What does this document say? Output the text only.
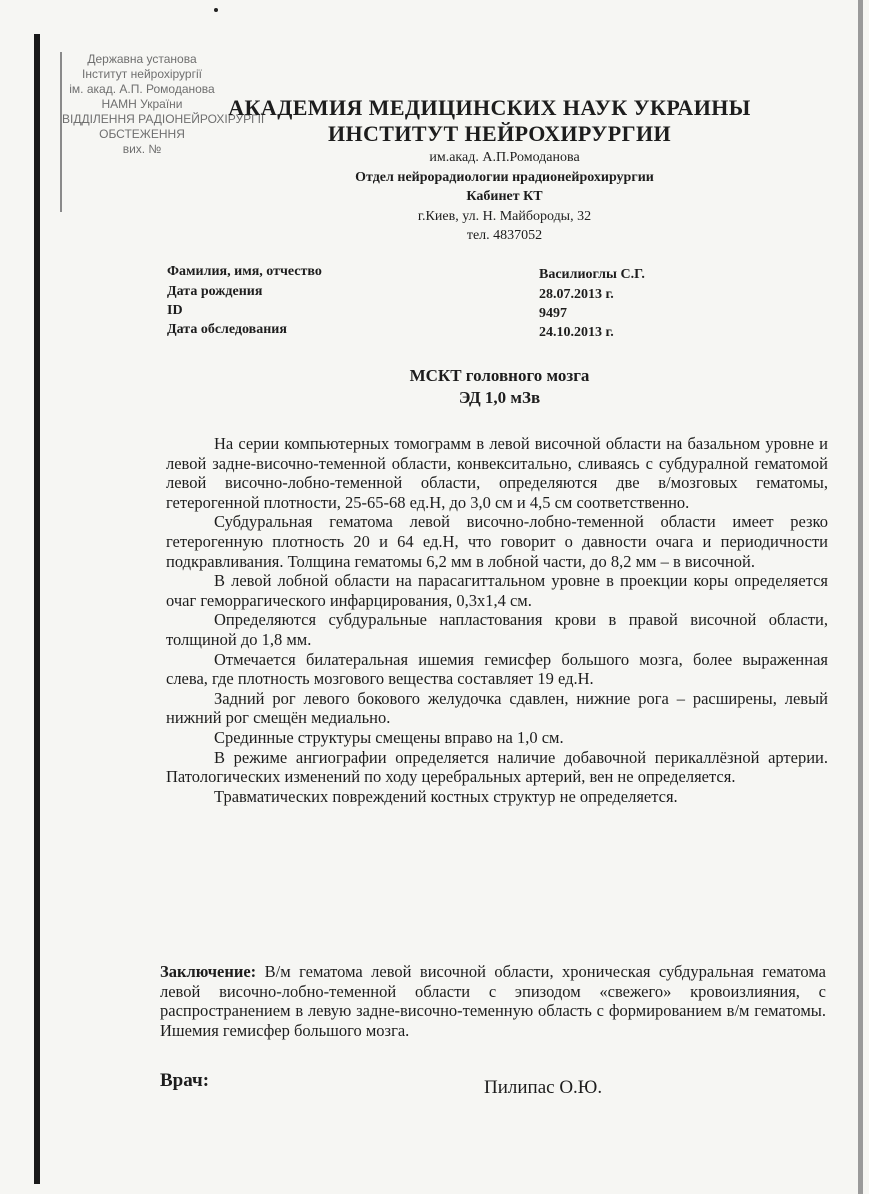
Державна установа
Інститут нейрохірургії
ім. акад. А.П. Ромоданова
НАМН України
ВІДДІЛЕННЯ РАДІОНЕЙРОХІРУРГІЇ
ОБСТЕЖЕННЯ
вих. №
АКАДЕМИЯ МЕДИЦИНСКИХ НАУК УКРАИНЫ
ИНСТИТУТ НЕЙРОХИРУРГИИ
им.акад. А.П.Ромоданова
Отдел нейрорадиологии нрадионейрохирургии
Кабинет КТ
г.Киев, ул. Н. Майбороды, 32
тел. 4837052
Фамилия, имя, отчество	Василиоглы С.Г.
Дата рождения	28.07.2013 г.
ID	9497
Дата обследования	24.10.2013 г.
МСКТ головного мозга
ЭД 1,0 мЗв

На серии компьютерных томограмм в левой височной области на базальном уровне и левой задне-височно-теменной области, конвекситально, сливаясь с субдуралной гематомой левой височно-лобно-теменной области, определяются две в/мозговых гематомы, гетерогенной плотности, 25-65-68 ед.Н, до 3,0 см и 4,5 см соответственно.

Субдуральная гематома левой височно-лобно-теменной области имеет резко гетерогенную плотность 20 и 64 ед.Н, что говорит о давности очага и периодичности подкравливания. Толщина гематомы 6,2 мм в лобной части, до 8,2 мм – в височной.

В левой лобной области на парасагиттальном уровне в проекции коры определяется очаг геморрагического инфарцирования, 0,3х1,4 см.

Определяются субдуральные напластования крови в правой височной области, толщиной до 1,8 мм.

Отмечается билатеральная ишемия гемисфер большого мозга, более выраженная слева, где плотность мозгового вещества составляет 19 ед.Н.

Задний рог левого бокового желудочка сдавлен, нижние рога – расширены, левый нижний рог смещён медиально.

Срединные структуры смещены вправо на 1,0 см.

В режиме ангиографии определяется наличие добавочной перикаллёзной артерии. Патологических изменений по ходу церебральных артерий, вен не определяется.

Травматических повреждений костных структур не определяется.

Заключение: В/м гематома левой височной области, хроническая субдуральная гематома левой височно-лобно-теменной области с эпизодом «свежего» кровоизлияния, с распространением в левую задне-височно-теменную область с формированием в/м гематомы. Ишемия гемисфер большого мозга.

Врач:	Пилипас О.Ю.
